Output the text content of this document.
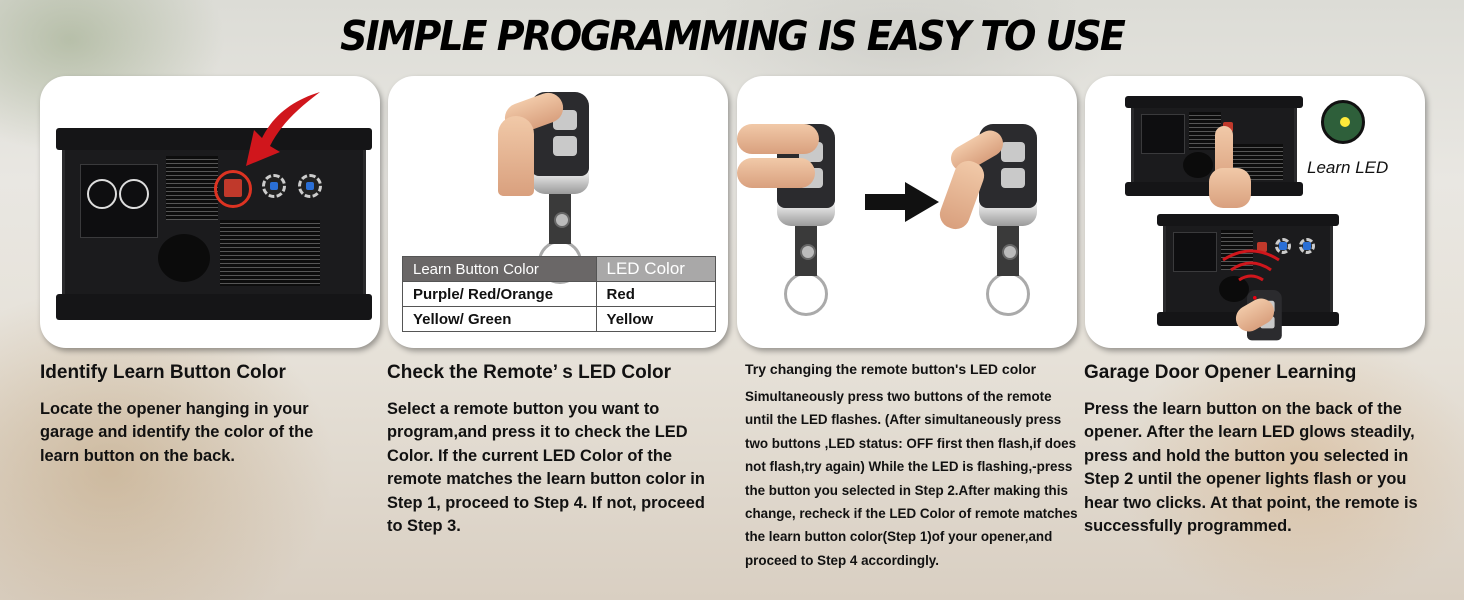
SIMPLE PROGRAMMING IS EASY TO USE
Learn Button Color	LED Color
Purple/ Red/Orange	Red
Yellow/ Green	Yellow
Learn LED
Identify Learn Button Color

Locate the opener hanging in your garage and identify the color of the learn button on the back.

Check the Remote’ s LED Color

Select a remote button you want to program,and press it to check the LED Color. If the current LED Color of the remote matches the learn button color in Step 1, proceed to Step 4. If not, proceed to Step 3.

Try changing the remote button's LED color

Simultaneously press two buttons of the remote until the LED flashes. (After simultaneously press two buttons ,LED status: OFF first then flash,if does not flash,try again) While the LED is flashing,-press the button you selected in Step 2.After making this change, recheck if the LED Color of remote matches the learn button color(Step 1)of your opener,and proceed to Step 4 accordingly.

Garage Door Opener Learning

Press the learn button on the back of the opener. After the learn LED glows steadily, press and hold the button you selected in Step 2 until the opener lights flash or you hear two clicks. At that point, the remote is successfully programmed.
